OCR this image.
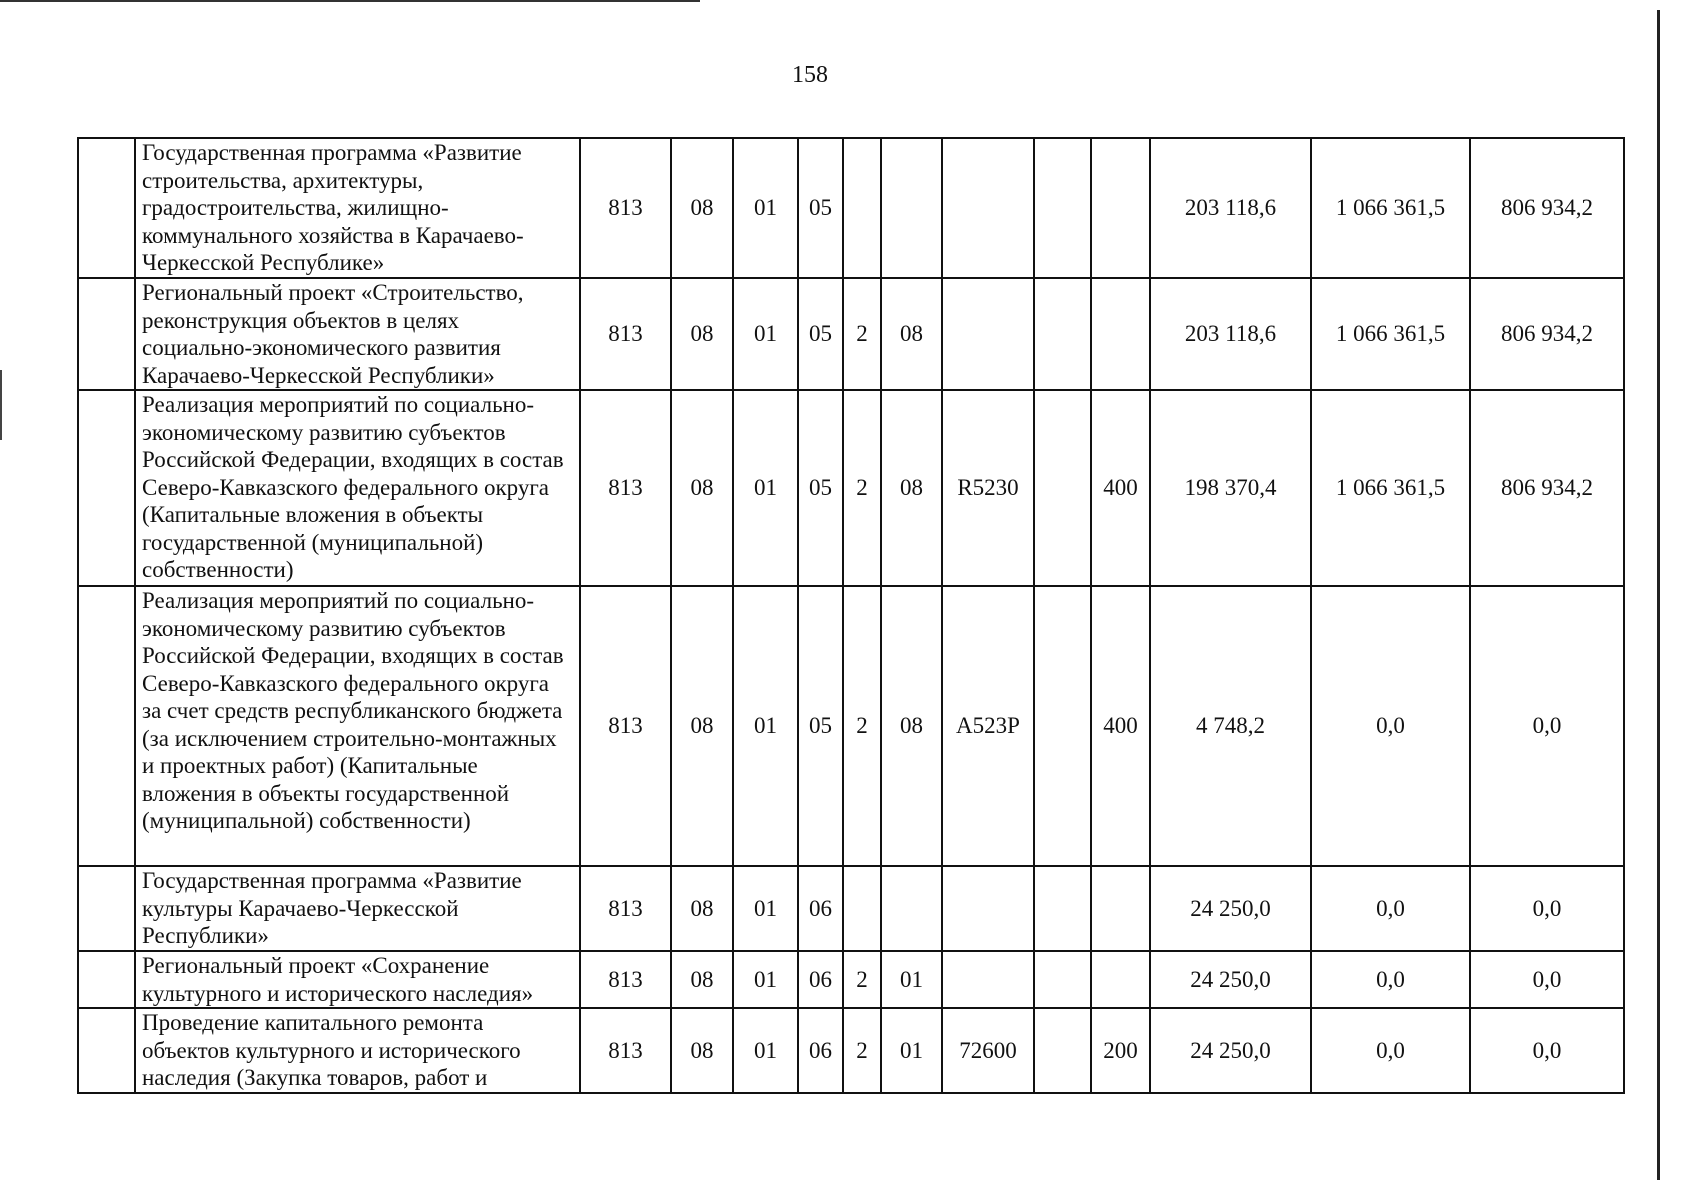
158
	Государственная программа «Развитие строительства, архитектуры, градостроительства, жилищно-коммунального хозяйства в Карачаево-Черкесской Республике»	813	08	01	05						203 118,6	1 066 361,5	806 934,2
	Региональный проект «Строительство, реконструкция объектов в целях социально-экономического развития Карачаево-Черкесской Республики»	813	08	01	05	2	08				203 118,6	1 066 361,5	806 934,2
	Реализация мероприятий по социально-экономическому развитию субъектов Российской Федерации, входящих в состав Северо-Кавказского федерального округа (Капитальные вложения в объекты государственной (муниципальной) собственности)	813	08	01	05	2	08	R5230		400	198 370,4	1 066 361,5	806 934,2
	Реализация мероприятий по социально-экономическому развитию субъектов Российской Федерации, входящих в состав Северо-Кавказского федерального округа за счет средств республиканского бюджета (за исключением строительно-монтажных и проектных работ) (Капитальные вложения в объекты государственной (муниципальной) собственности)	813	08	01	05	2	08	А523Р		400	4 748,2	0,0	0,0
	Государственная программа «Развитие культуры Карачаево-Черкесской Республики»	813	08	01	06						24 250,0	0,0	0,0
	Региональный проект «Сохранение культурного и исторического наследия»	813	08	01	06	2	01				24 250,0	0,0	0,0
	Проведение капитального ремонта объектов культурного и исторического наследия (Закупка товаров, работ и	813	08	01	06	2	01	72600		200	24 250,0	0,0	0,0
